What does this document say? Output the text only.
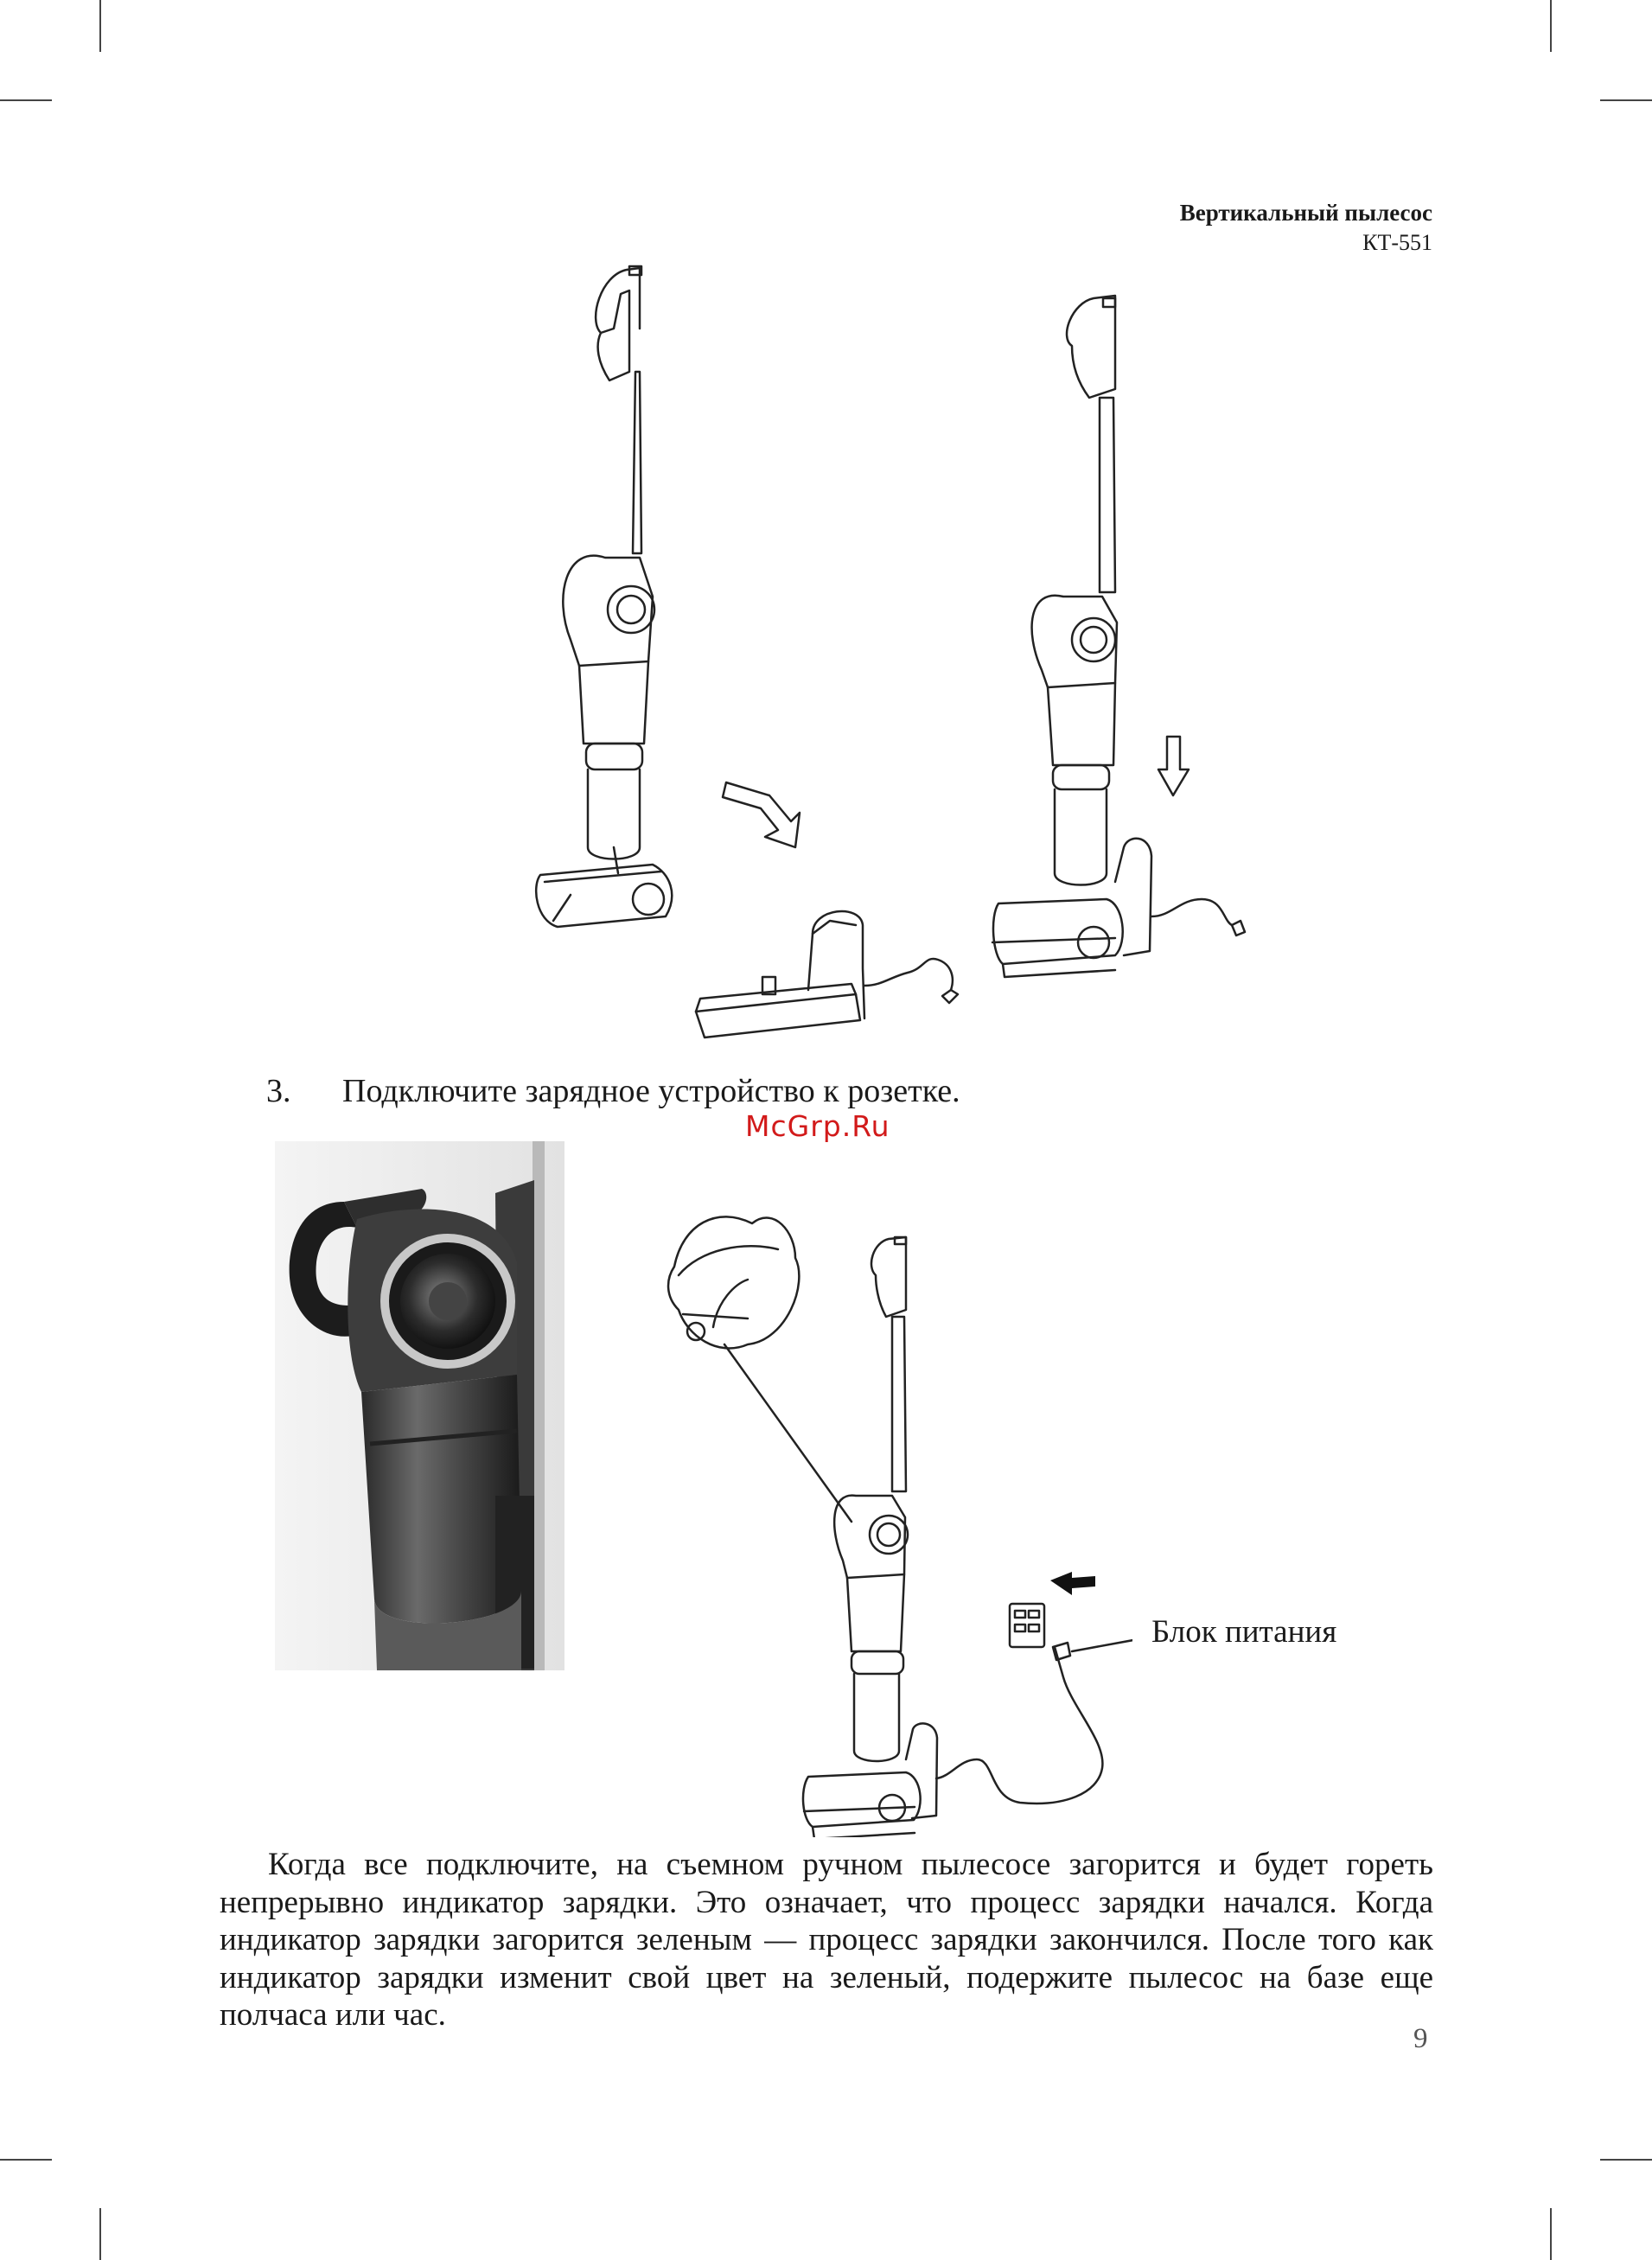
Вертикальный пылесос
КТ-551
3. Подключите зарядное устройство к розетке.
McGrp.Ru
Блок питания

Когда все подключите, на съемном ручном пылесосе загорится и будет гореть непрерывно индикатор зарядки. Это означает, что процесс зарядки начался. Когда индикатор зарядки загорится зеленым — процесс зарядки закончился. После того как индикатор зарядки изменит свой цвет на зеленый, подержите пылесос на базе еще полчаса или час.

9
